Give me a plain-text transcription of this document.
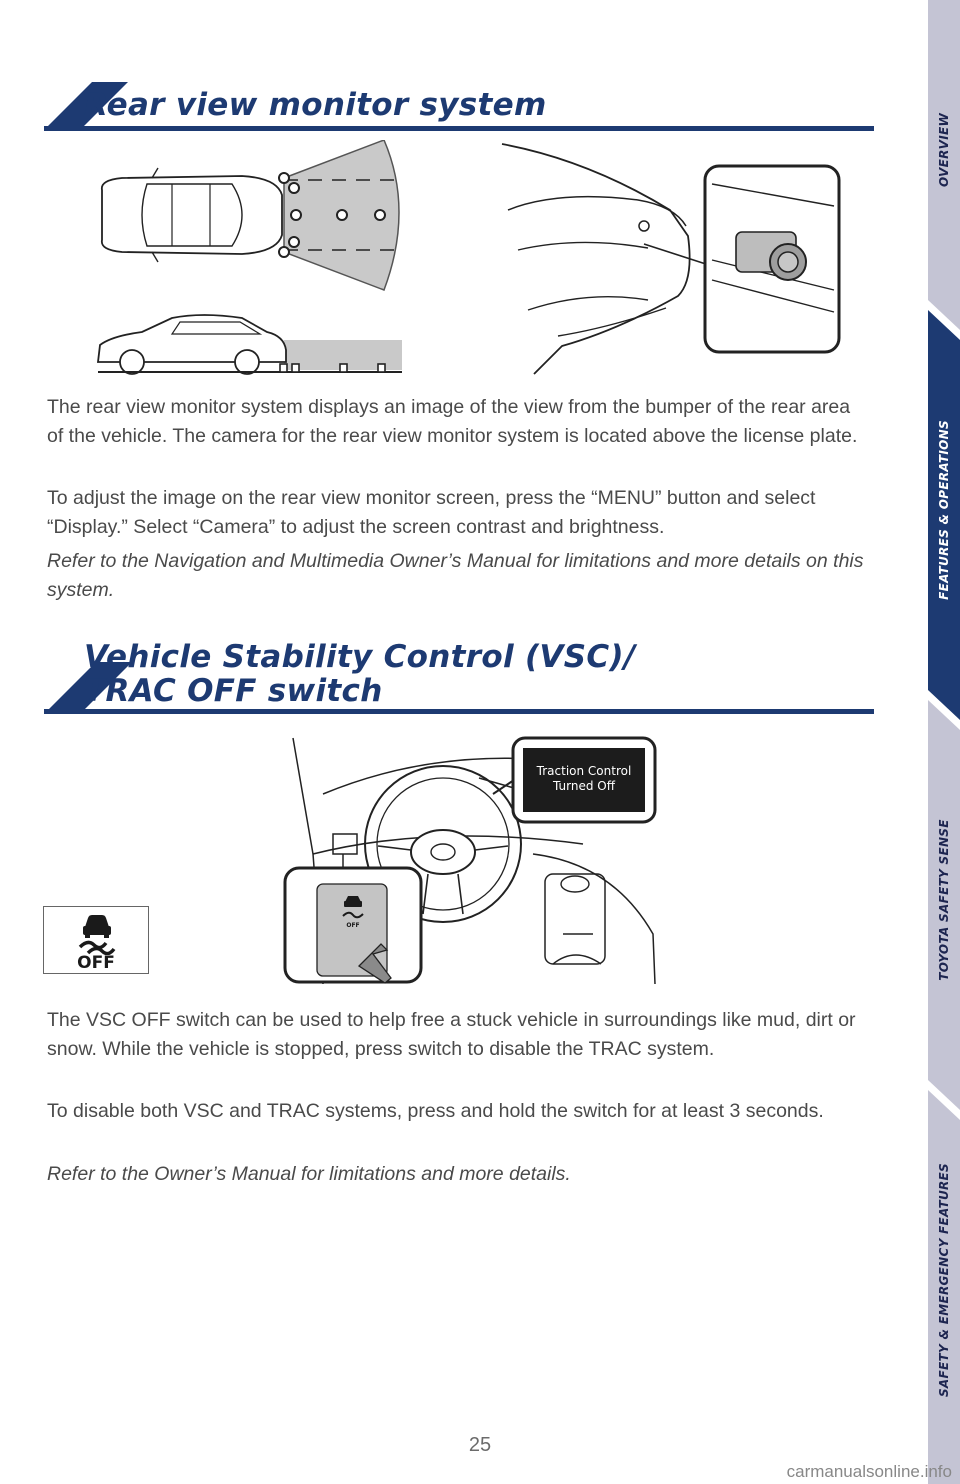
Rear view monitor system

The rear view monitor system displays an image of the view from the bumper of the rear area of the vehicle. The camera for the rear view monitor system is located above the license plate.

To adjust the image on the rear view monitor screen, press the “MENU” button and select “Display.” Select “Camera” to adjust the screen contrast and brightness.

Refer to the Navigation and Multimedia Owner’s Manual for limitations and more details on this system.

Vehicle Stability Control (VSC)/
TRAC OFF switch
OFF
OFF
Traction Control
Turned Off

The VSC OFF switch can be used to help free a stuck vehicle in surroundings like mud, dirt or snow. While the vehicle is stopped, press switch to disable the TRAC system.

To disable both VSC and TRAC systems, press and hold the switch for at least 3 seconds.

Refer to the Owner’s Manual for limitations and more details.

OVERVIEW
FEATURES & OPERATIONS
TOYOTA SAFETY SENSE
SAFETY & EMERGENCY FEATURES
25
carmanualsonline.info
